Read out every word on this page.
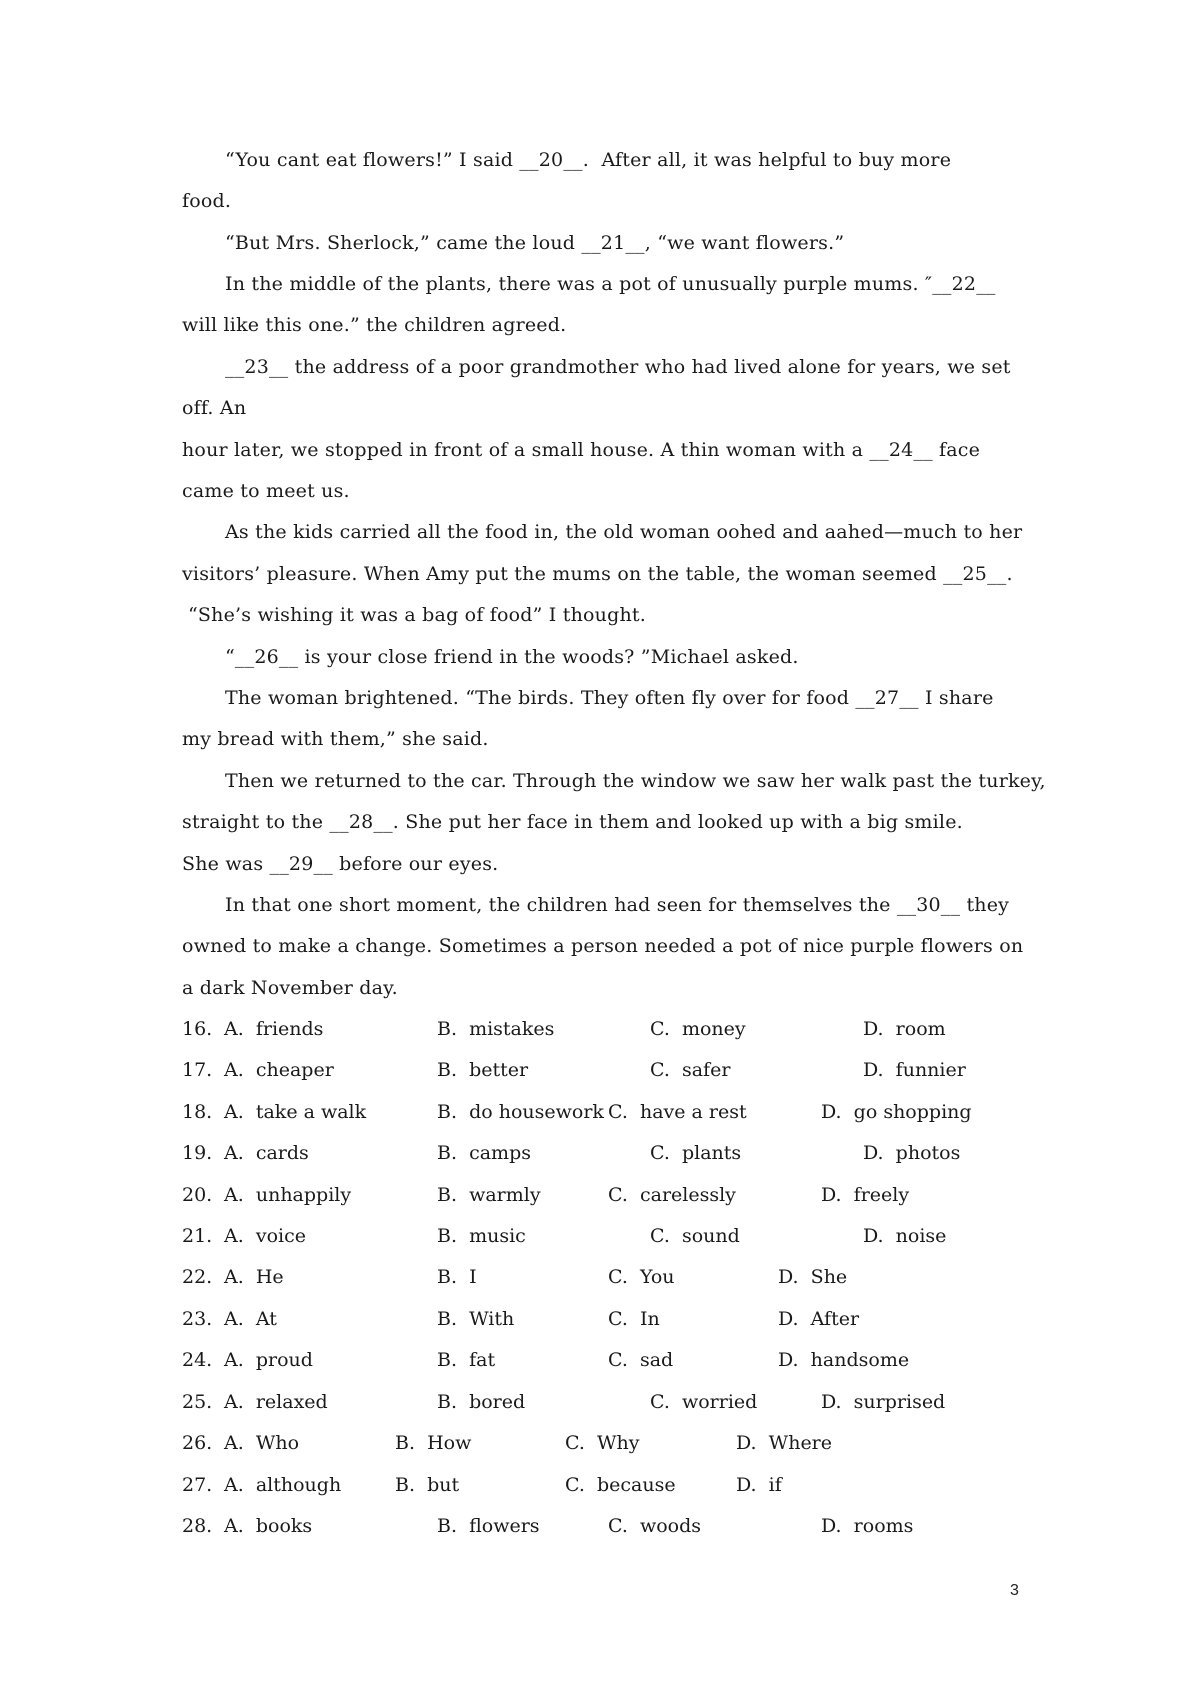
“You cant eat flowers!” I said __20__.  After all, it was helpful to buy more
food.
“But Mrs. Sherlock,” came the loud __21__, “we want flowers.”
In the middle of the plants, there was a pot of unusually purple mums. ″__22__
will like this one.” the children agreed.
__23__ the address of a poor grandmother who had lived alone for years, we set
off. An
hour later, we stopped in front of a small house. A thin woman with a __24__ face
came to meet us.
As the kids carried all the food in, the old woman oohed and aahed—much to her
visitors’ pleasure. When Amy put the mums on the table, the woman seemed __25__.
“She’s wishing it was a bag of food” I thought.
“__26__ is your close friend in the woods? ”Michael asked.
The woman brightened. “The birds. They often fly over for food __27__ I share
my bread with them,” she said.
Then we returned to the car. Through the window we saw her walk past the turkey,
straight to the __28__. She put her face in them and looked up with a big smile.
She was __29__ before our eyes.
In that one short moment, the children had seen for themselves the __30__ they
owned to make a change. Sometimes a person needed a pot of nice purple flowers on
a dark November day.
16. A.  friends	B.  mistakes	C.  money	D.  room
17. A.  cheaper	B.  better	C.  safer	D.  funnier
18. A.  take a walk	B.  do housework C.  have a rest	D.  go shopping
19. A.  cards	B.  camps	C.  plants	D.  photos
20. A.  unhappily	B.  warmly	C.  carelessly	D.  freely
21. A.  voice	B.  music	C.  sound	D.  noise
22. A.  He	B.  I	C.  You	D.  She
23. A.  At	B.  With	C.  In	D.  After
24. A.  proud	B.  fat	C.  sad	D.  handsome
25. A.  relaxed	B.  bored	C.  worried	D.  surprised
26. A.  Who	B.  How	C.  Why	D.  Where
27. A.  although	B.  but	C.  because	D.  if
28. A.  books	B.  flowers	C.  woods	D.  rooms
3
